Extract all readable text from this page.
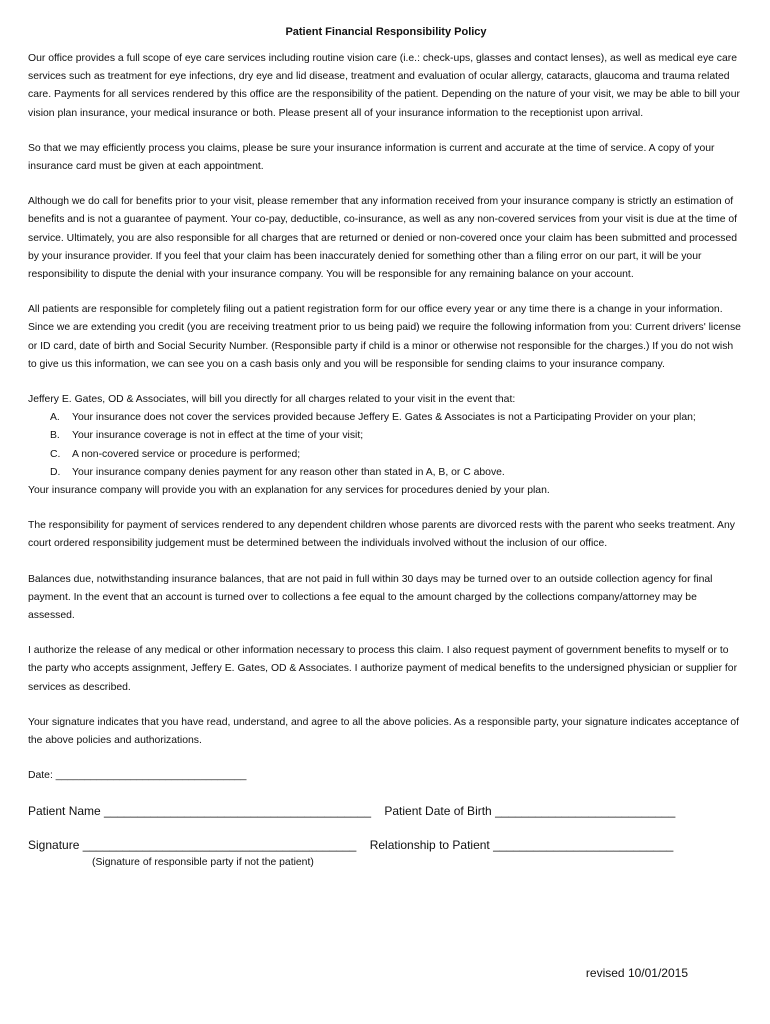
Patient Financial Responsibility Policy

Our office provides a full scope of eye care services including routine vision care (i.e.: check-ups, glasses and contact lenses), as well as medical eye care services such as treatment for eye infections, dry eye and lid disease, treatment and evaluation of ocular allergy, cataracts, glaucoma and trauma related care. Payments for all services rendered by this office are the responsibility of the patient. Depending on the nature of your visit, we may be able to bill your vision plan insurance, your medical insurance or both. Please present all of your insurance information to the receptionist upon arrival.

So that we may efficiently process you claims, please be sure your insurance information is current and accurate at the time of service. A copy of your insurance card must be given at each appointment.

Although we do call for benefits prior to your visit, please remember that any information received from your insurance company is strictly an estimation of benefits and is not a guarantee of payment. Your co-pay, deductible, co-insurance, as well as any non-covered services from your visit is due at the time of service. Ultimately, you are also responsible for all charges that are returned or denied or non-covered once your claim has been submitted and processed by your insurance provider. If you feel that your claim has been inaccurately denied for something other than a filing error on our part, it will be your responsibility to dispute the denial with your insurance company. You will be responsible for any remaining balance on your account.

All patients are responsible for completely filing out a patient registration form for our office every year or any time there is a change in your information. Since we are extending you credit (you are receiving treatment prior to us being paid) we require the following information from you: Current drivers' license or ID card, date of birth and Social Security Number. (Responsible party if child is a minor or otherwise not responsible for the charges.) If you do not wish to give us this information, we can see you on a cash basis only and you will be responsible for sending claims to your insurance company.

Jeffery E. Gates, OD & Associates, will bill you directly for all charges related to your visit in the event that:

A. Your insurance does not cover the services provided because Jeffery E. Gates & Associates is not a Participating Provider on your plan;
B. Your insurance coverage is not in effect at the time of your visit;
C. A non-covered service or procedure is performed;
D. Your insurance company denies payment for any reason other than stated in A, B, or C above.

Your insurance company will provide you with an explanation for any services for procedures denied by your plan.

The responsibility for payment of services rendered to any dependent children whose parents are divorced rests with the parent who seeks treatment. Any court ordered responsibility judgement must be determined between the individuals involved without the inclusion of our office.

Balances due, notwithstanding insurance balances, that are not paid in full within 30 days may be turned over to an outside collection agency for final payment. In the event that an account is turned over to collections a fee equal to the amount charged by the collections company/attorney may be assessed.

I authorize the release of any medical or other information necessary to process this claim. I also request payment of government benefits to myself or to the party who accepts assignment, Jeffery E. Gates, OD & Associates. I authorize payment of medical benefits to the undersigned physician or supplier for services as described.

Your signature indicates that you have read, understand, and agree to all the above policies. As a responsible party, your signature indicates acceptance of the above policies and authorizations.

Date: _________________________________
Patient Name ________________________________________ Patient Date of Birth ___________________________
Signature _________________________________________ Relationship to Patient ___________________________
(Signature of responsible party if not the patient)
revised 10/01/2015
